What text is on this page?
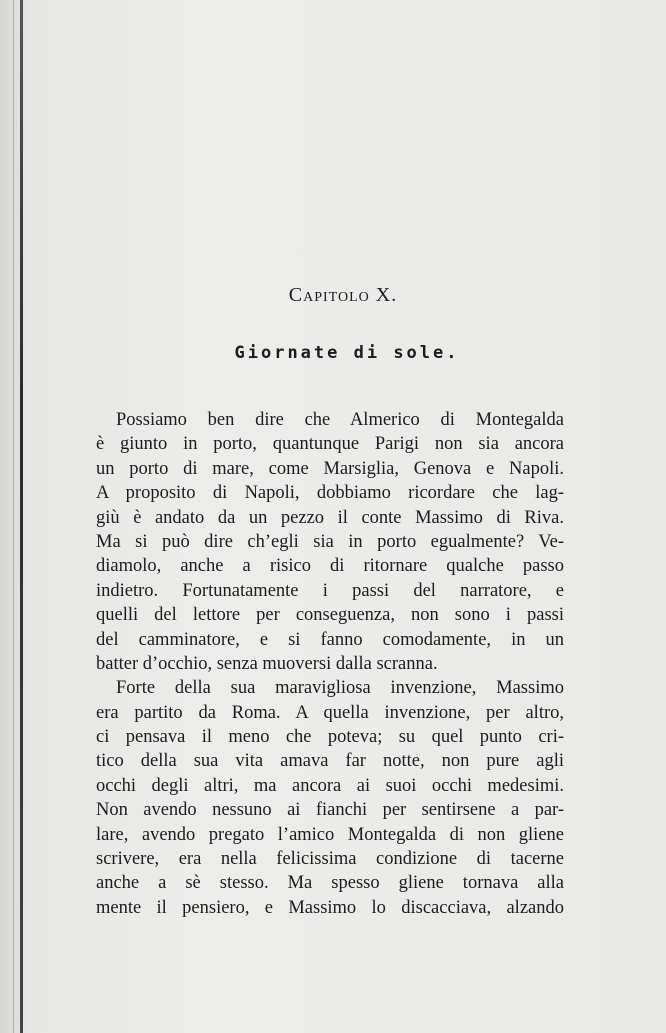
Capitolo X.
Giornate di sole.
Possiamo ben dire che Almerico di Montegalda
è giunto in porto, quantunque Parigi non sia ancora
un porto di mare, come Marsiglia, Genova e Napoli.
A proposito di Napoli, dobbiamo ricordare che lag-
giù è andato da un pezzo il conte Massimo di Riva.
Ma si può dire ch’egli sia in porto egualmente? Ve-
diamolo, anche a risico di ritornare qualche passo
indietro. Fortunatamente i passi del narratore, e
quelli del lettore per conseguenza, non sono i passi
del camminatore, e si fanno comodamente, in un
batter d’occhio, senza muoversi dalla scranna.
Forte della sua maravigliosa invenzione, Massimo
era partito da Roma. A quella invenzione, per altro,
ci pensava il meno che poteva; su quel punto cri-
tico della sua vita amava far notte, non pure agli
occhi degli altri, ma ancora ai suoi occhi medesimi.
Non avendo nessuno ai fianchi per sentirsene a par-
lare, avendo pregato l’amico Montegalda di non gliene
scrivere, era nella felicissima condizione di tacerne
anche a sè stesso. Ma spesso gliene tornava alla
mente il pensiero, e Massimo lo discacciava, alzando
